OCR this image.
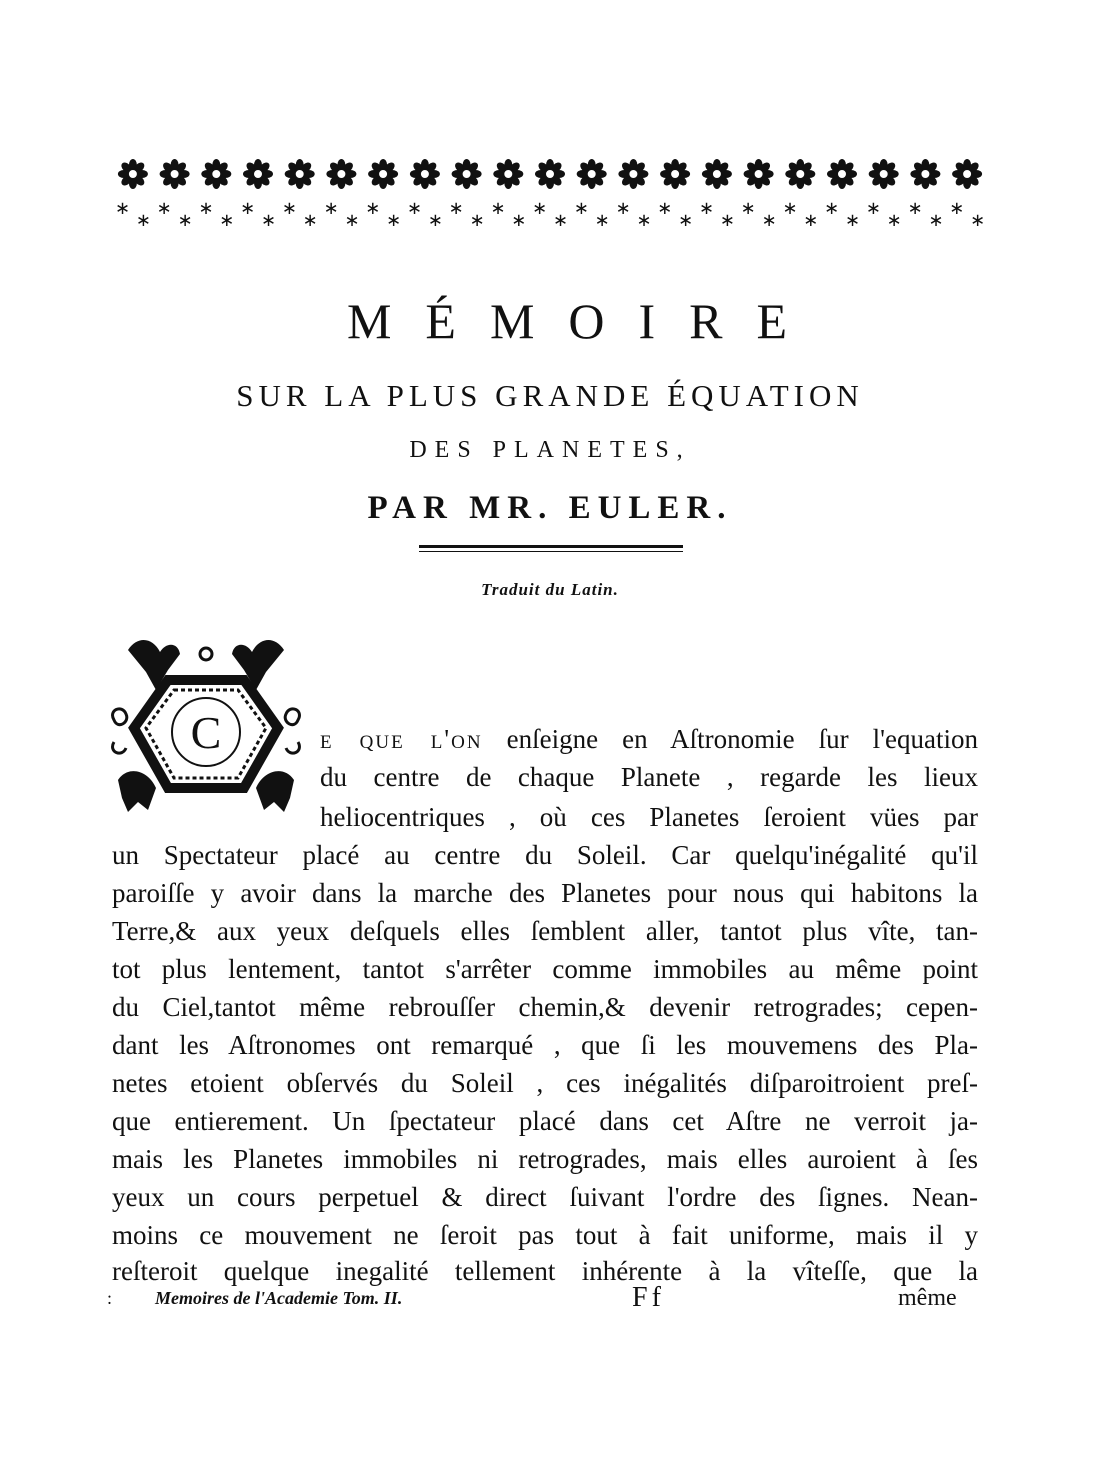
∗
∗
∗
∗
∗
∗
∗
∗
∗
∗
∗
∗
∗
∗
∗
∗
∗
∗
∗
∗
∗
∗
∗
∗
∗
∗
∗
∗
∗
∗
∗
∗
∗
∗
∗
∗
∗
∗
∗
∗
∗
∗
MÉMOIRE
SUR LA PLUS GRANDE ÉQUATION
DES PLANETES,
PAR MR. EULER.
Traduit du Latin.
C	e que l'on enſeigne en Aſtronomie ſur l'equation
du centre de chaque Planete , regarde les lieux
heliocentriques , où ces Planetes ſeroient vües par
un Spectateur placé au centre du Soleil. Car quelqu'inégalité qu'il
paroiſſe y avoir dans la marche des Planetes pour nous qui habitons la
Terre,& aux yeux deſquels elles ſemblent aller, tantot plus vîte, tan-
tot plus lentement, tantot s'arrêter comme immobiles au même point
du Ciel,tantot même rebrouſſer chemin,& devenir retrogrades; cepen-
dant les Aſtronomes ont remarqué , que ſi les mouvemens des Pla-
netes etoient obſervés du Soleil , ces inégalités diſparoitroient preſ-
que entierement. Un ſpectateur placé dans cet Aſtre ne verroit ja-
mais les Planetes immobiles ni retrogrades, mais elles auroient à ſes
yeux un cours perpetuel & direct ſuivant l'ordre des ſignes. Nean-
moins ce mouvement ne ſeroit pas tout à fait uniforme, mais il y
reſteroit quelque inegalité tellement inhérente à la vîteſſe, que la
: Memoires de l'Academie Tom. II.	Ff	même
